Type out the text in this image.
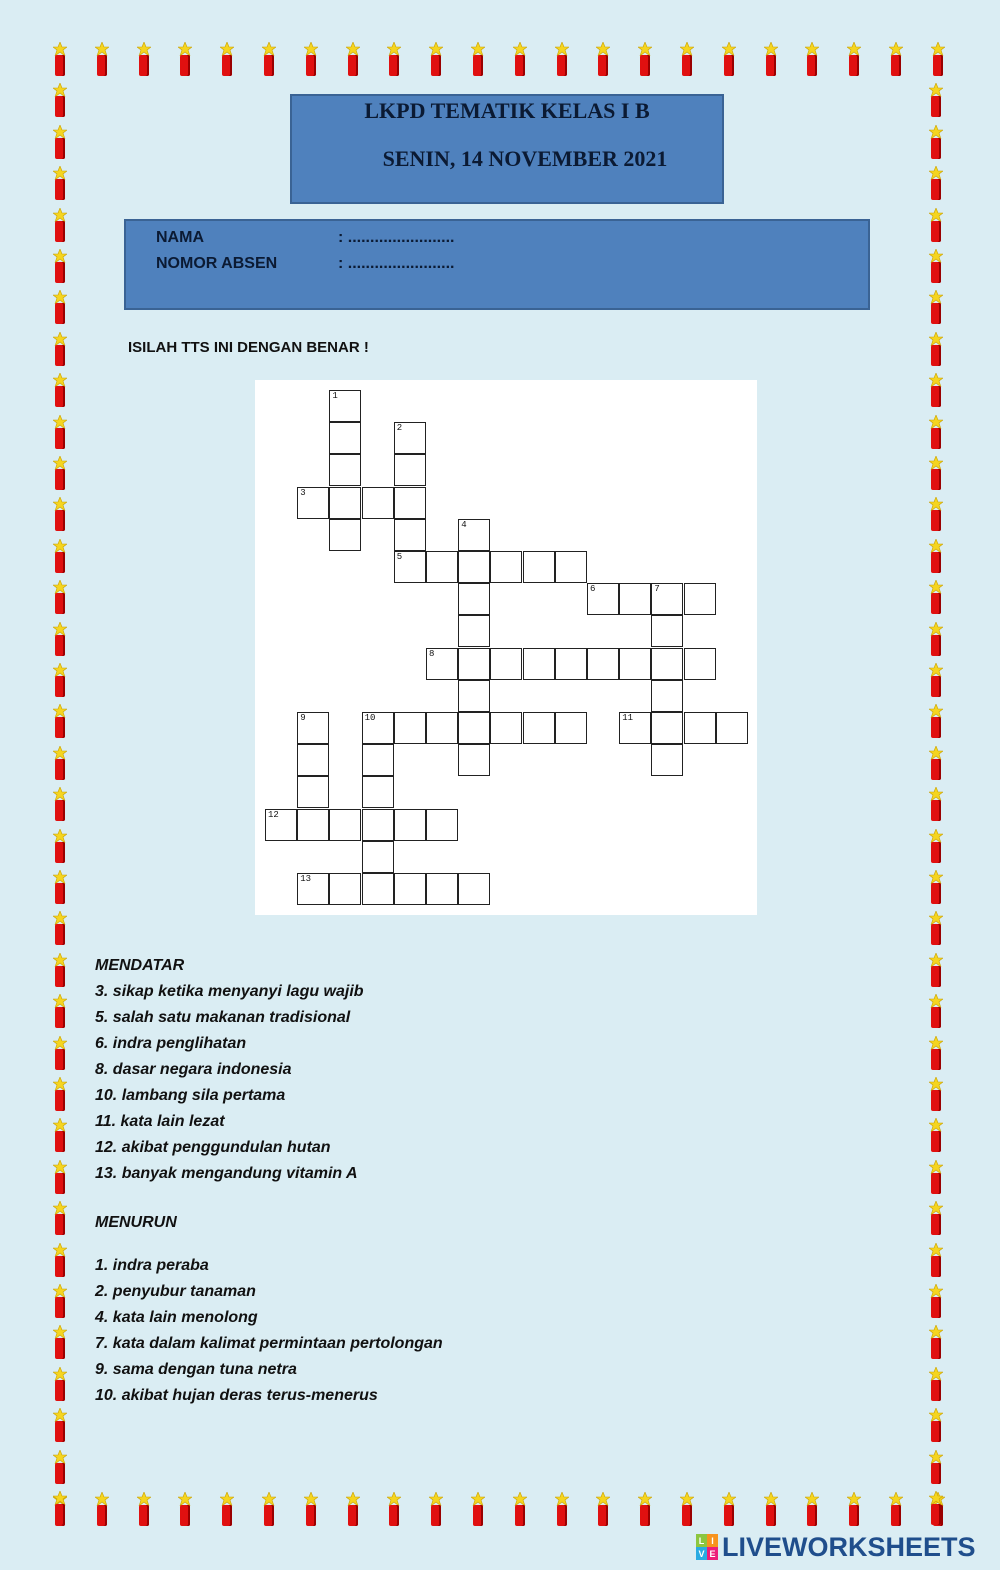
LKPD TEMATIK KELAS I B
SENIN, 14 NOVEMBER 2021
NAMA	: ........................
NOMOR ABSEN	: ........................
ISILAH TTS INI DENGAN BENAR !
1
2
3
4
5
6	7
8
9	10	11
12
13
MENDATAR
3. sikap ketika menyanyi lagu wajib
5. salah satu makanan tradisional
6. indra penglihatan
8. dasar negara indonesia
10. lambang sila pertama
11. kata lain lezat
12. akibat penggundulan hutan
13. banyak mengandung vitamin A
MENURUN
1. indra peraba
2. penyubur tanaman
4. kata lain menolong
7. kata dalam kalimat permintaan pertolongan
9. sama dengan tuna netra
10. akibat hujan deras terus-menerus
L I
V E LIVEWORKSHEETS
